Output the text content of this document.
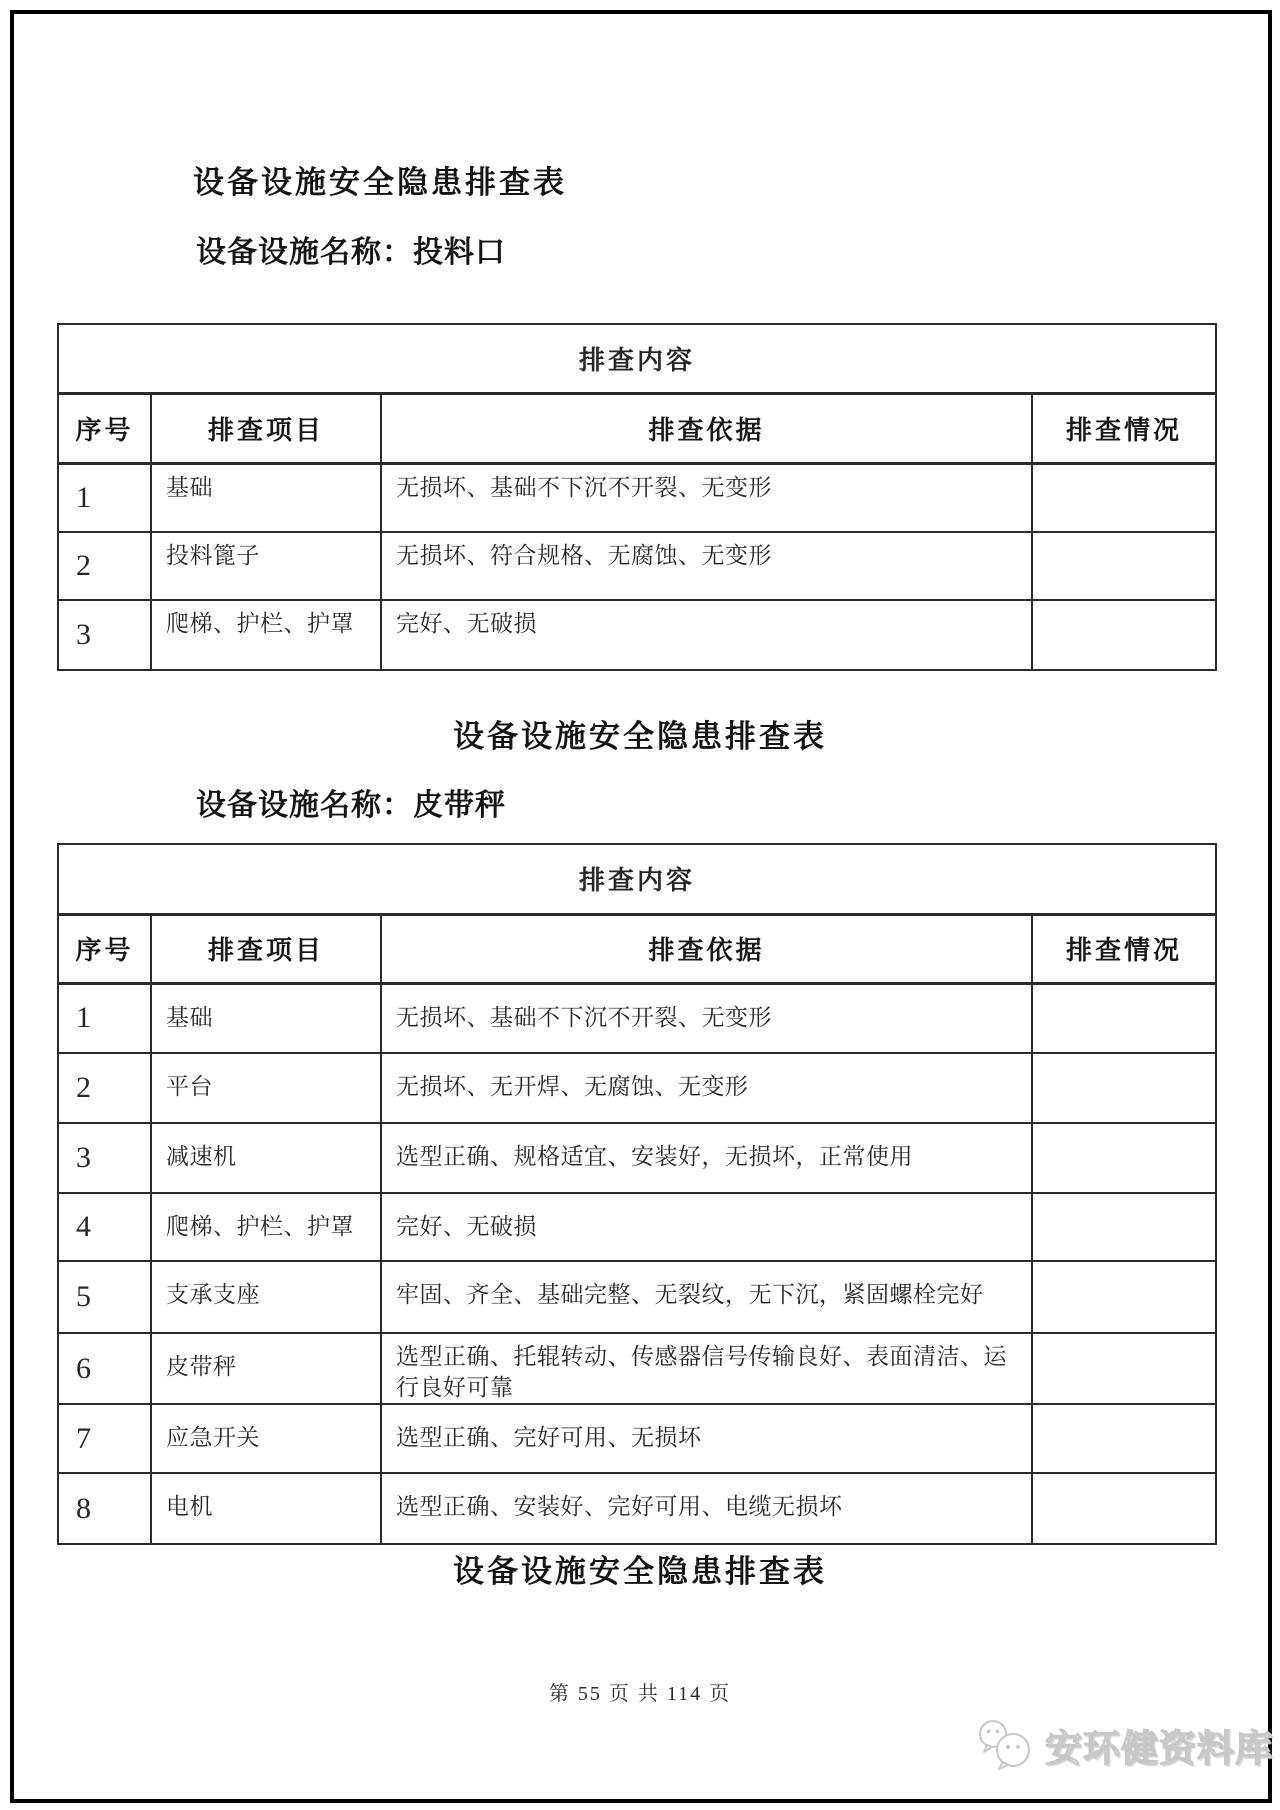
设备设施安全隐患排查表
设备设施名称：投料口
排查内容			
序号	排查项目	排查依据	排查情况
1	基础	无损坏、基础不下沉不开裂、无变形	
2	投料篦子	无损坏、符合规格、无腐蚀、无变形	
3	爬梯、护栏、护罩	完好、无破损	
设备设施安全隐患排查表
设备设施名称：皮带秤
排查内容			
序号	排查项目	排查依据	排查情况
1	基础	无损坏、基础不下沉不开裂、无变形	
2	平台	无损坏、无开焊、无腐蚀、无变形	
3	减速机	选型正确、规格适宜、安装好，无损坏，正常使用	
4	爬梯、护栏、护罩	完好、无破损	
5	支承支座	牢固、齐全、基础完整、无裂纹，无下沉，紧固螺栓完好	
6	皮带秤	选型正确、托辊转动、传感器信号传输良好、表面清洁、运行良好可靠	
7	应急开关	选型正确、完好可用、无损坏	
8	电机	选型正确、安装好、完好可用、电缆无损坏	
设备设施安全隐患排查表
第 55 页 共 114 页
安环健资料库
